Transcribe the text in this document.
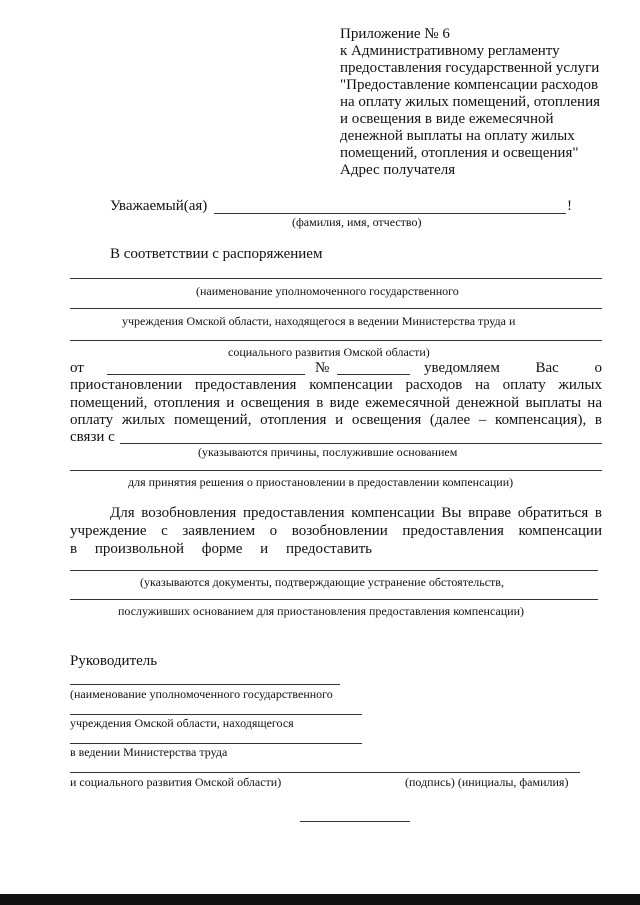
Приложение № 6
к Административному регламенту
предоставления государственной услуги
"Предоставление компенсации расходов
на оплату жилых помещений, отопления
и освещения в виде ежемесячной
денежной выплаты на оплату жилых
помещений, отопления и освещения"
Адрес получателя
Уважаемый(ая)	!
(фамилия, имя, отчество)
В соответствии с распоряжением
(наименование уполномоченного государственного
учреждения Омской области, находящегося в ведении Министерства труда и
социального развития Омской области)
от	№	уведомляем Вас о
приостановлении предоставления компенсации расходов на оплату жилых
помещений, отопления и освещения в виде ежемесячной денежной выплаты на
оплату жилых помещений, отопления и освещения (далее – компенсация), в
связи с
(указываются причины, послужившие основанием
для принятия решения о приостановлении в предоставлении компенсации)
Для возобновления предоставления компенсации Вы вправе обратиться в
учреждение с заявлением о возобновлении предоставления компенсации
в произвольной форме и предоставить
(указываются документы, подтверждающие устранение обстоятельств,
послуживших основанием для приостановления предоставления компенсации)
Руководитель
(наименование уполномоченного государственного
учреждения Омской области, находящегося
в ведении Министерства труда
и социального развития Омской области)	(подпись) (инициалы, фамилия)
